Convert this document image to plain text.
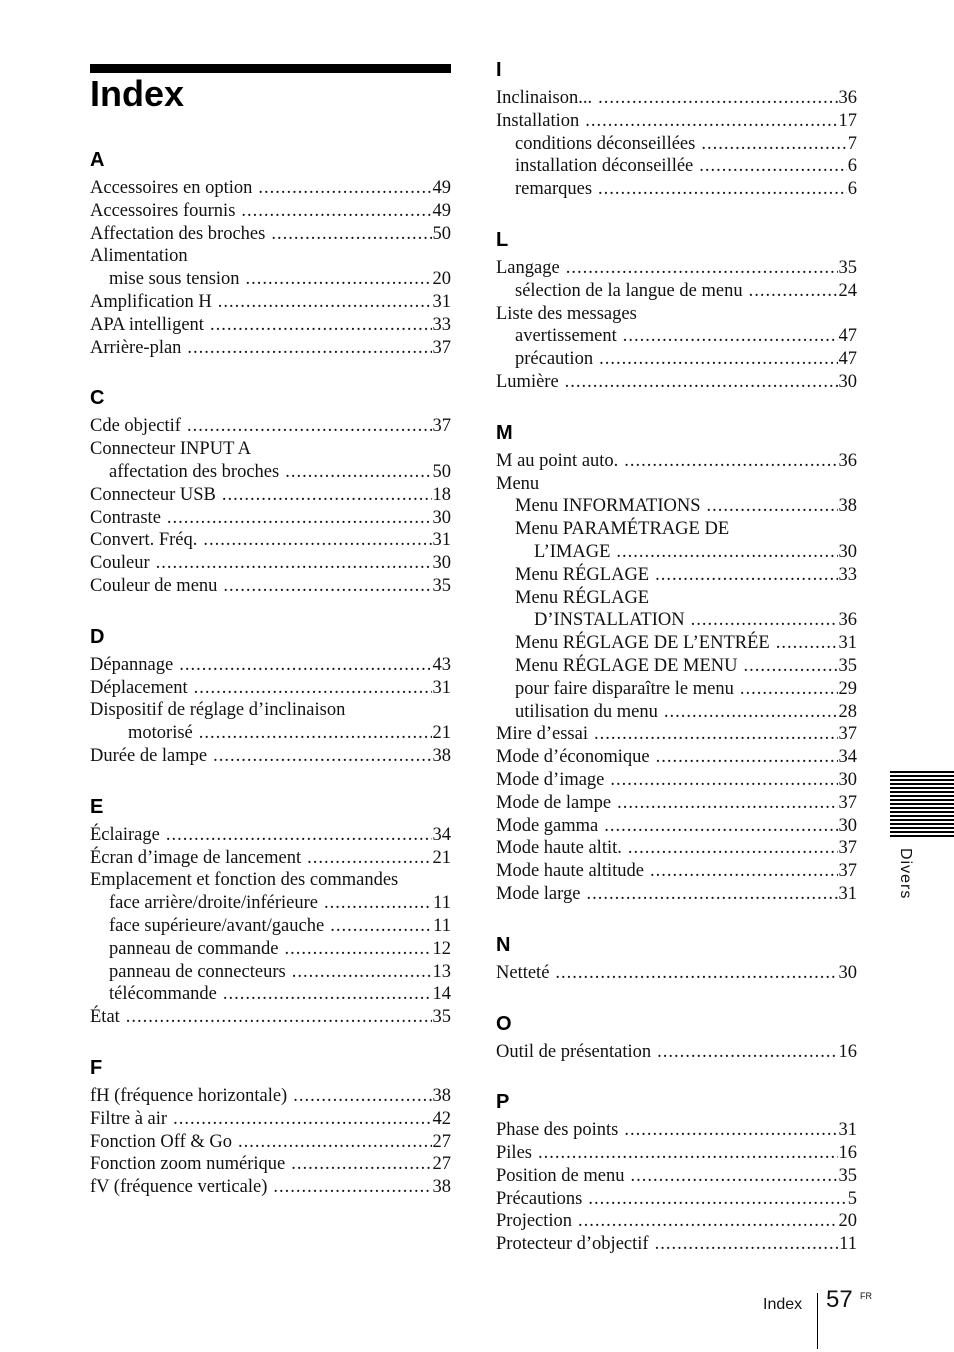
Index
A
Accessoires en option .....	49
Accessoires fournis .....	49
Affectation des broches .....	50
Alimentation
mise sous tension .....	20
Amplification H .....	31
APA intelligent .....	33
Arrière-plan .....	37
C
Cde objectif .....	37
Connecteur INPUT A
affectation des broches .....	50
Connecteur USB .....	18
Contraste .....	30
Convert. Fréq. .....	31
Couleur .....	30
Couleur de menu .....	35
D
Dépannage .....	43
Déplacement .....	31
Dispositif de réglage d’inclinaison
motorisé .....	21
Durée de lampe .....	38
E
Éclairage .....	34
Écran d’image de lancement .....	21
Emplacement et fonction des commandes
face arrière/droite/inférieure .....	11
face supérieure/avant/gauche .....	11
panneau de commande .....	12
panneau de connecteurs .....	13
télécommande .....	14
État .....	35
F
fH (fréquence horizontale) .....	38
Filtre à air .....	42
Fonction Off & Go .....	27
Fonction zoom numérique .....	27
fV (fréquence verticale) .....	38
I
Inclinaison... .....	36
Installation .....	17
conditions déconseillées .....	7
installation déconseillée .....	6
remarques .....	6
L
Langage .....	35
sélection de la langue de menu .....	24
Liste des messages
avertissement .....	47
précaution .....	47
Lumière .....	30
M
M au point auto. .....	36
Menu
Menu INFORMATIONS .....	38
Menu PARAMÉTRAGE DE
L’IMAGE .....	30
Menu RÉGLAGE .....	33
Menu RÉGLAGE
D’INSTALLATION .....	36
Menu RÉGLAGE DE L’ENTRÉE .....	31
Menu RÉGLAGE DE MENU .....	35
pour faire disparaître le menu .....	29
utilisation du menu .....	28
Mire d’essai .....	37
Mode d’économique .....	34
Mode d’image .....	30
Mode de lampe .....	37
Mode gamma .....	30
Mode haute altit. .....	37
Mode haute altitude .....	37
Mode large .....	31
N
Netteté .....	30
O
Outil de présentation .....	16
P
Phase des points .....	31
Piles .....	16
Position de menu .....	35
Précautions .....	5
Projection .....	20
Protecteur d’objectif .....	11
Divers
Index 57 FR
